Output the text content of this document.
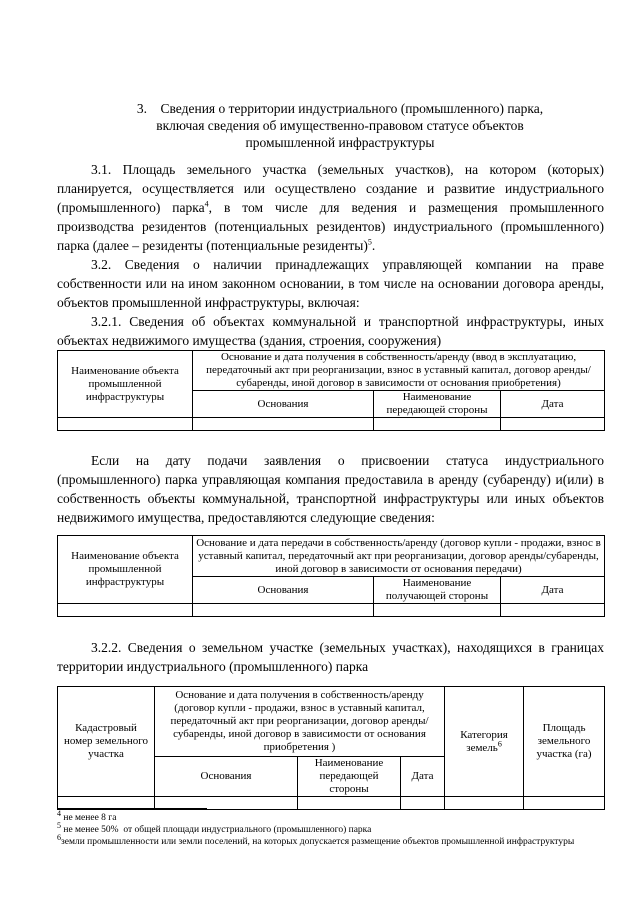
3.    Сведения о территории индустриального (промышленного) парка,
включая сведения об имущественно-правовом статусе объектов
промышленной инфраструктуры

3.1. Площадь земельного участка (земельных участков), на котором (которых) планируется, осуществляется или осуществлено создание и развитие индустриального (промышленного) парка$^4$, в том числе для ведения и размещения промышленного производства резидентов (потенциальных резидентов) индустриального (промышленного) парка (далее – резиденты (потенциальные резиденты)$^5$.

3.2. Сведения о наличии принадлежащих управляющей компании на праве собственности или на ином законном основании, в том числе на основании договора аренды, объектов промышленной инфраструктуры, включая:

3.2.1. Сведения об объектах коммунальной и транспортной инфраструктуры, иных объектах недвижимого имущества (здания, строения, сооружения)

Наименование объекта промышленной инфраструктуры	Основание и дата получения в собственность/аренду (ввод в эксплуатацию, передаточный акт при реорганизации, взнос в уставный капитал, договор аренды/субаренды, иной договор в зависимости от основания приобретения)		
	Основания	Наименование передающей стороны	Дата

Если на дату подачи заявления о присвоении статуса индустриального (промышленного) парка управляющая компания предоставила в аренду (субаренду) и(или) в собственность объекты коммунальной, транспортной инфраструктуры или иных объектов недвижимого имущества, предоставляются следующие сведения:

Наименование объекта промышленной инфраструктуры	Основание и дата передачи в собственность/аренду (договор купли - продажи, взнос в уставный капитал, передаточный акт при реорганизации, договор аренды/субаренды, иной договор в зависимости от основания передачи)		
	Основания	Наименование получающей стороны	Дата

3.2.2. Сведения о земельном участке (земельных участках), находящихся в границах территории индустриального (промышленного) парка

Кадастровый номер земельного участка	Основание и дата получения в собственность/аренду (договор купли - продажи, взнос в уставный капитал, передаточный акт при реорганизации, договор аренды/субаренды, иной договор в зависимости от основания приобретения )			Категория земель$^6$	Площадь земельного участка (га)
	Основания	Наименование передающей стороны	Дата		

$^4$ не менее 8 га
$^5$ не менее 50%  от общей площади индустриального (промышленного) парка
$^6$земли промышленности или земли поселений, на которых допускается размещение объектов промышленной инфраструктуры
